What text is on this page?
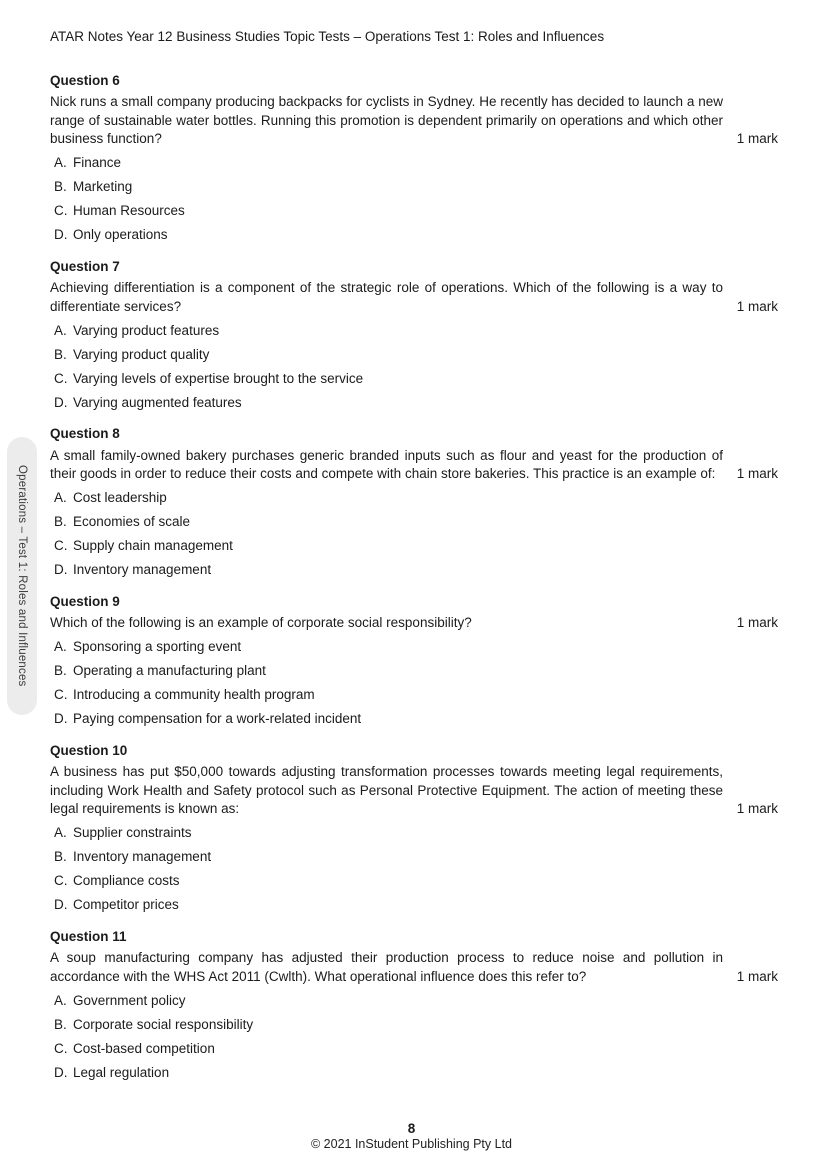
ATAR Notes Year 12 Business Studies Topic Tests – Operations Test 1: Roles and Influences

Operations – Test 1: Roles and Influences
Question 6

Nick runs a small company producing backpacks for cyclists in Sydney. He recently has decided to launch a new range of sustainable water bottles. Running this promotion is dependent primarily on operations and which other business function?	1 mark
A. Finance
B. Marketing
C. Human Resources
D. Only operations
Question 7

Achieving differentiation is a component of the strategic role of operations. Which of the following is a way to differentiate services?	1 mark
A. Varying product features
B. Varying product quality
C. Varying levels of expertise brought to the service
D. Varying augmented features
Question 8

A small family-owned bakery purchases generic branded inputs such as flour and yeast for the production of their goods in order to reduce their costs and compete with chain store bakeries. This practice is an example of:	1 mark
A. Cost leadership
B. Economies of scale
C. Supply chain management
D. Inventory management
Question 9

Which of the following is an example of corporate social responsibility?	1 mark
A. Sponsoring a sporting event
B. Operating a manufacturing plant
C. Introducing a community health program
D. Paying compensation for a work-related incident
Question 10

A business has put $50,000 towards adjusting transformation processes towards meeting legal requirements, including Work Health and Safety protocol such as Personal Protective Equipment. The action of meeting these legal requirements is known as:	1 mark
A. Supplier constraints
B. Inventory management
C. Compliance costs
D. Competitor prices
Question 11

A soup manufacturing company has adjusted their production process to reduce noise and pollution in accordance with the WHS Act 2011 (Cwlth). What operational influence does this refer to?	1 mark
A. Government policy
B. Corporate social responsibility
C. Cost-based competition
D. Legal regulation
8
© 2021 InStudent Publishing Pty Ltd
